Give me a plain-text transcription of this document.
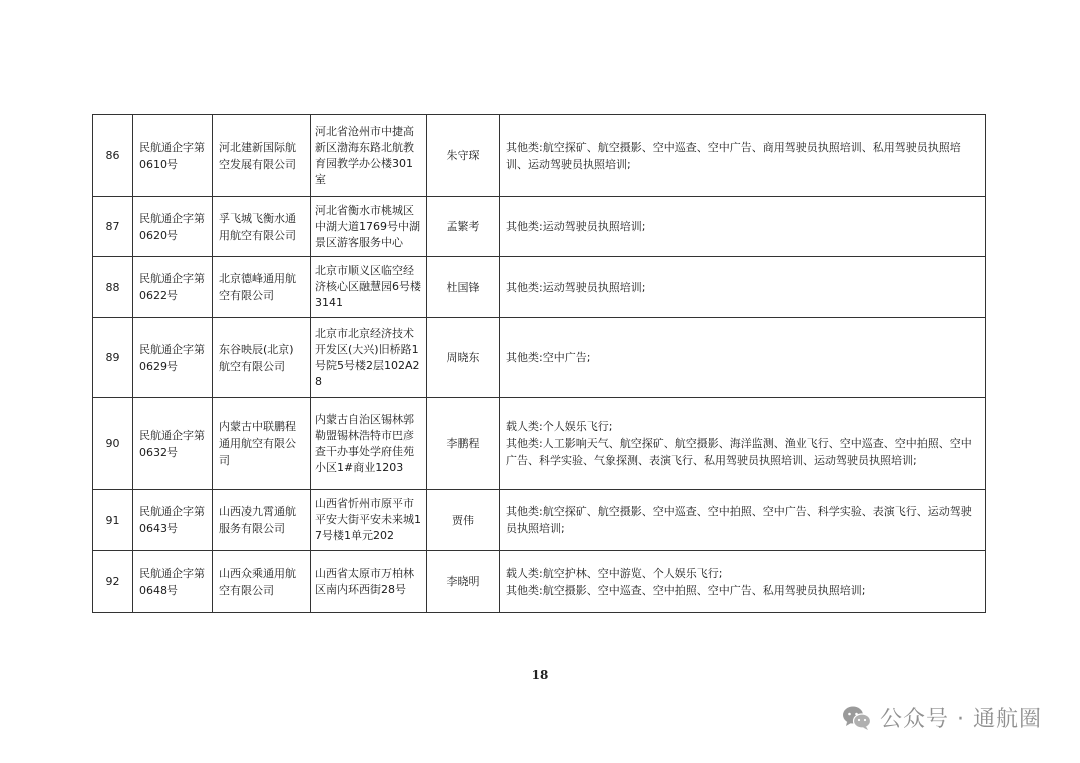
86	民航通企字第0610号	河北建新国际航空发展有限公司	河北省沧州市中捷高新区渤海东路北航教育园教学办公楼301室	朱守琛	其他类:航空探矿、航空摄影、空中巡查、空中广告、商用驾驶员执照培训、私用驾驶员执照培训、运动驾驶员执照培训;

87	民航通企字第0620号	孚飞城飞衡水通用航空有限公司	河北省衡水市桃城区中湖大道1769号中湖景区游客服务中心	孟繁考	其他类:运动驾驶员执照培训;

88	民航通企字第0622号	北京德峰通用航空有限公司	北京市顺义区临空经济核心区融慧园6号楼3141	杜国锋	其他类:运动驾驶员执照培训;

89	民航通企字第0629号	东谷映辰(北京)航空有限公司	北京市北京经济技术开发区(大兴)旧桥路1号院5号楼2层102A28	周晓东	其他类:空中广告;

90	民航通企字第0632号	内蒙古中联鹏程通用航空有限公司	内蒙古自治区锡林郭勒盟锡林浩特市巴彦查干办事处学府佳苑小区1#商业1203	李鹏程	载人类:个人娱乐飞行;
其他类:人工影响天气、航空探矿、航空摄影、海洋监测、渔业飞行、空中巡查、空中拍照、空中广告、科学实验、气象探测、表演飞行、私用驾驶员执照培训、运动驾驶员执照培训;

91	民航通企字第0643号	山西凌九霄通航服务有限公司	山西省忻州市原平市平安大街平安未来城17号楼1单元202	贾伟	其他类:航空探矿、航空摄影、空中巡查、空中拍照、空中广告、科学实验、表演飞行、运动驾驶员执照培训;

92	民航通企字第0648号	山西众乘通用航空有限公司	山西省太原市万柏林区南内环西街28号	李晓明	载人类:航空护林、空中游览、个人娱乐飞行;
其他类:航空摄影、空中巡查、空中拍照、空中广告、私用驾驶员执照培训;
18
公众号 · 通航圈
